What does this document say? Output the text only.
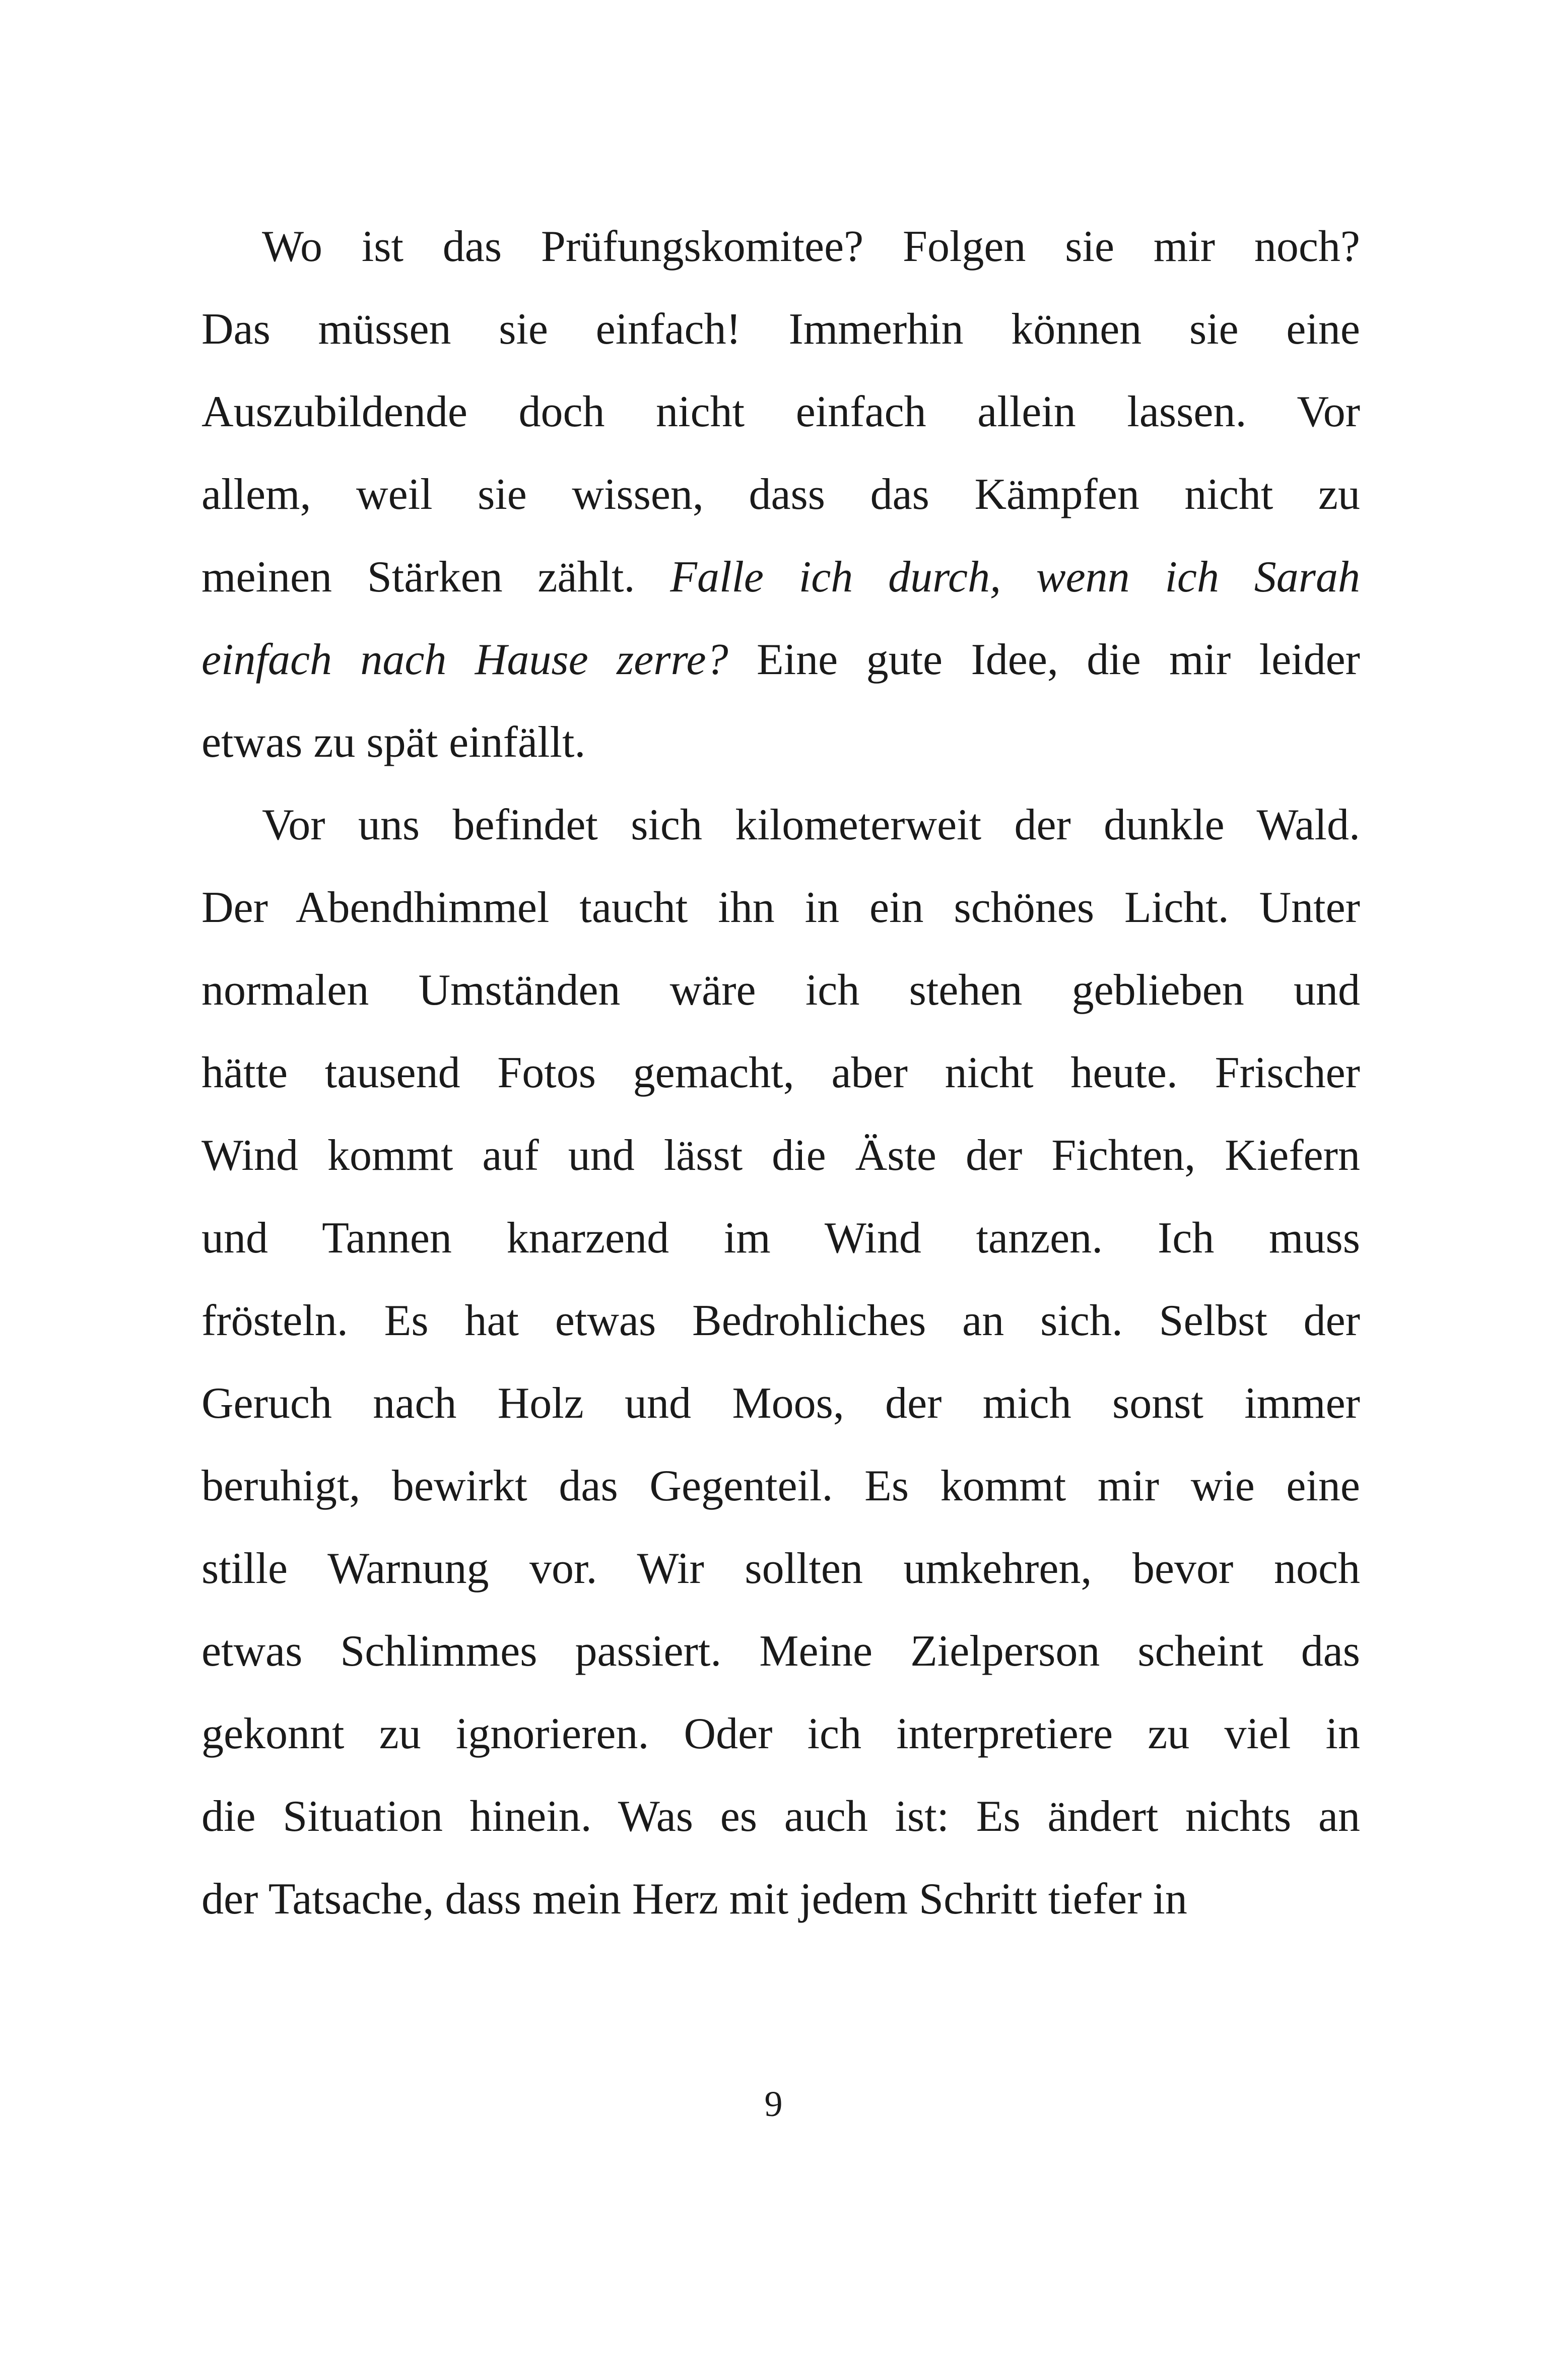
Wo ist das Prüfungskomitee? Folgen sie mir noch?
Das müssen sie einfach! Immerhin können sie eine
Auszubildende doch nicht einfach allein lassen. Vor
allem, weil sie wissen, dass das Kämpfen nicht zu
meinen Stärken zählt. Falle ich durch, wenn ich Sarah
einfach nach Hause zerre? Eine gute Idee, die mir leider
etwas zu spät einfällt.
Vor uns befindet sich kilometerweit der dunkle Wald.
Der Abendhimmel taucht ihn in ein schönes Licht. Unter
normalen Umständen wäre ich stehen geblieben und
hätte tausend Fotos gemacht, aber nicht heute. Frischer
Wind kommt auf und lässt die Äste der Fichten, Kiefern
und Tannen knarzend im Wind tanzen. Ich muss
frösteln. Es hat etwas Bedrohliches an sich. Selbst der
Geruch nach Holz und Moos, der mich sonst immer
beruhigt, bewirkt das Gegenteil. Es kommt mir wie eine
stille Warnung vor. Wir sollten umkehren, bevor noch
etwas Schlimmes passiert. Meine Zielperson scheint das
gekonnt zu ignorieren. Oder ich interpretiere zu viel in
die Situation hinein. Was es auch ist: Es ändert nichts an
der Tatsache, dass mein Herz mit jedem Schritt tiefer in
9
